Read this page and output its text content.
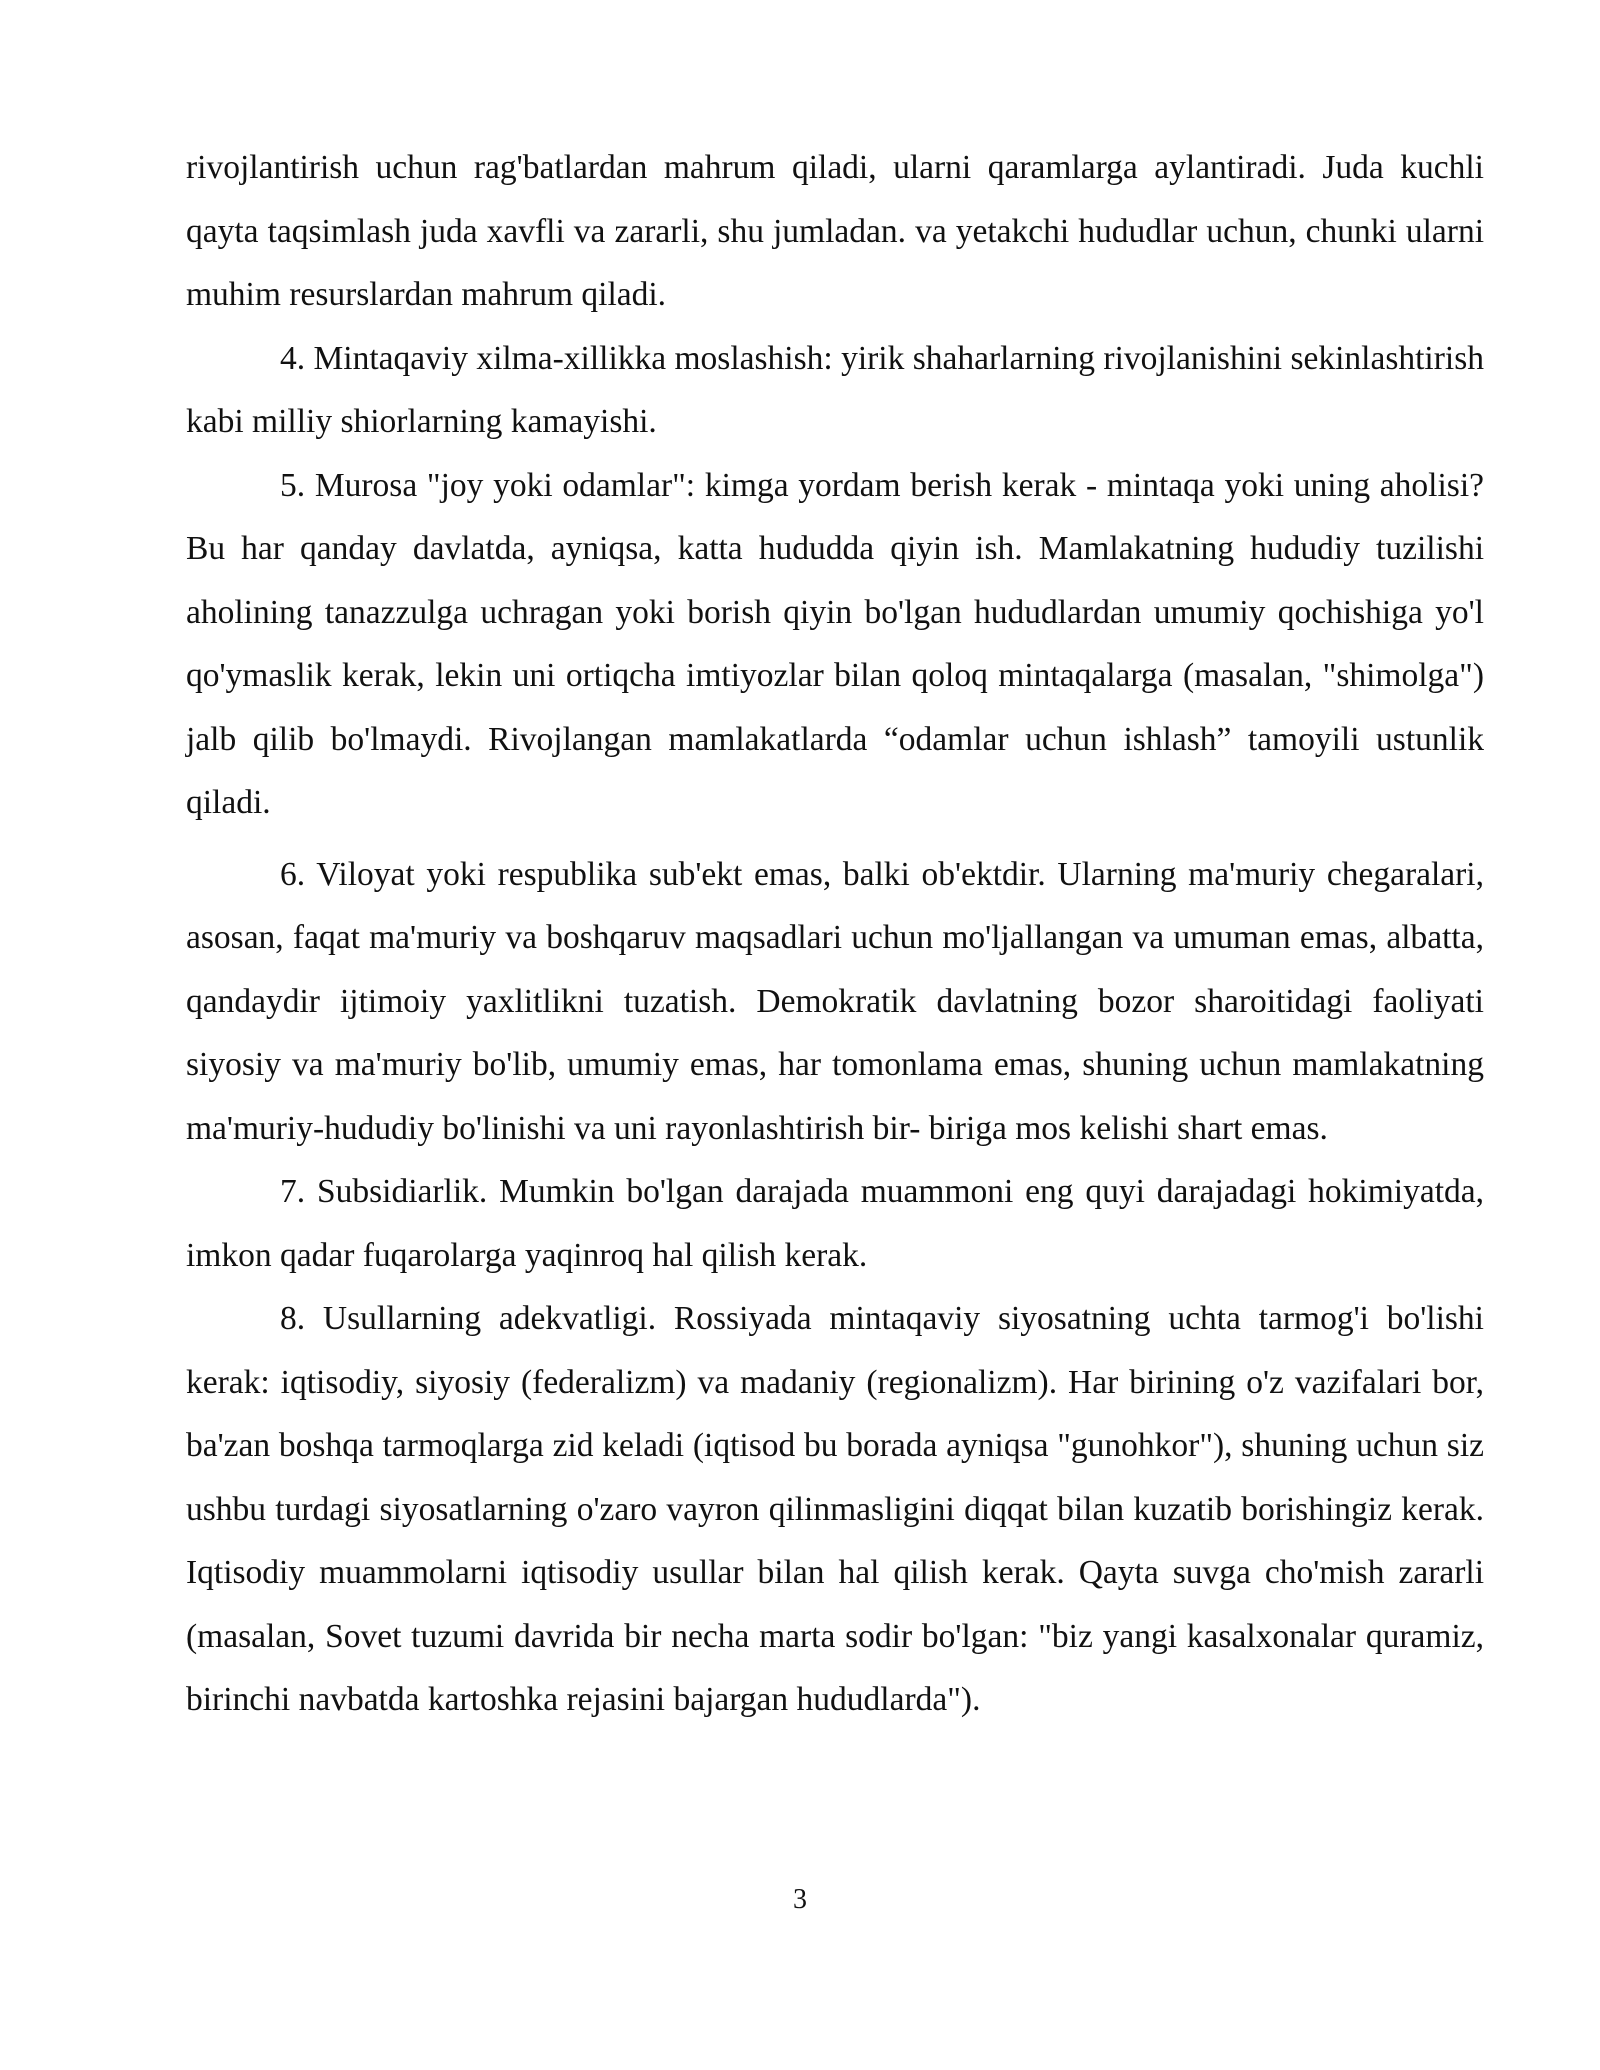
rivojlantirish uchun rag'batlardan mahrum qiladi, ularni qaramlarga aylantiradi. Juda kuchli qayta taqsimlash juda xavfli va zararli, shu jumladan. va yetakchi hududlar uchun, chunki ularni muhim resurslardan mahrum qiladi.

4. Mintaqaviy xilma-xillikka moslashish: yirik shaharlarning rivojlanishini sekinlashtirish kabi milliy shiorlarning kamayishi.

5. Murosa "joy yoki odamlar": kimga yordam berish kerak - mintaqa yoki uning aholisi? Bu har qanday davlatda, ayniqsa, katta hududda qiyin ish. Mamlakatning hududiy tuzilishi aholining tanazzulga uchragan yoki borish qiyin bo'lgan hududlardan umumiy qochishiga yo'l qo'ymaslik kerak, lekin uni ortiqcha imtiyozlar bilan qoloq mintaqalarga (masalan, "shimolga") jalb qilib bo'lmaydi. Rivojlangan mamlakatlarda “odamlar uchun ishlash” tamoyili ustunlik qiladi.

6. Viloyat yoki respublika sub'ekt emas, balki ob'ektdir. Ularning ma'muriy chegaralari, asosan, faqat ma'muriy va boshqaruv maqsadlari uchun mo'ljallangan va umuman emas, albatta, qandaydir ijtimoiy yaxlitlikni tuzatish. Demokratik davlatning bozor sharoitidagi faoliyati siyosiy va ma'muriy bo'lib, umumiy emas, har tomonlama emas, shuning uchun mamlakatning ma'muriy-hududiy bo'linishi va uni rayonlashtirish bir- biriga mos kelishi shart emas.

7. Subsidiarlik. Mumkin bo'lgan darajada muammoni eng quyi darajadagi hokimiyatda, imkon qadar fuqarolarga yaqinroq hal qilish kerak.

8. Usullarning adekvatligi. Rossiyada mintaqaviy siyosatning uchta tarmog'i bo'lishi kerak: iqtisodiy, siyosiy (federalizm) va madaniy (regionalizm). Har birining o'z vazifalari bor, ba'zan boshqa tarmoqlarga zid keladi (iqtisod bu borada ayniqsa "gunohkor"), shuning uchun siz ushbu turdagi siyosatlarning o'zaro vayron qilinmasligini diqqat bilan kuzatib borishingiz kerak. Iqtisodiy muammolarni iqtisodiy usullar bilan hal qilish kerak. Qayta suvga cho'mish zararli (masalan, Sovet tuzumi davrida bir necha marta sodir bo'lgan: "biz yangi kasalxonalar quramiz, birinchi navbatda kartoshka rejasini bajargan hududlarda").

3
